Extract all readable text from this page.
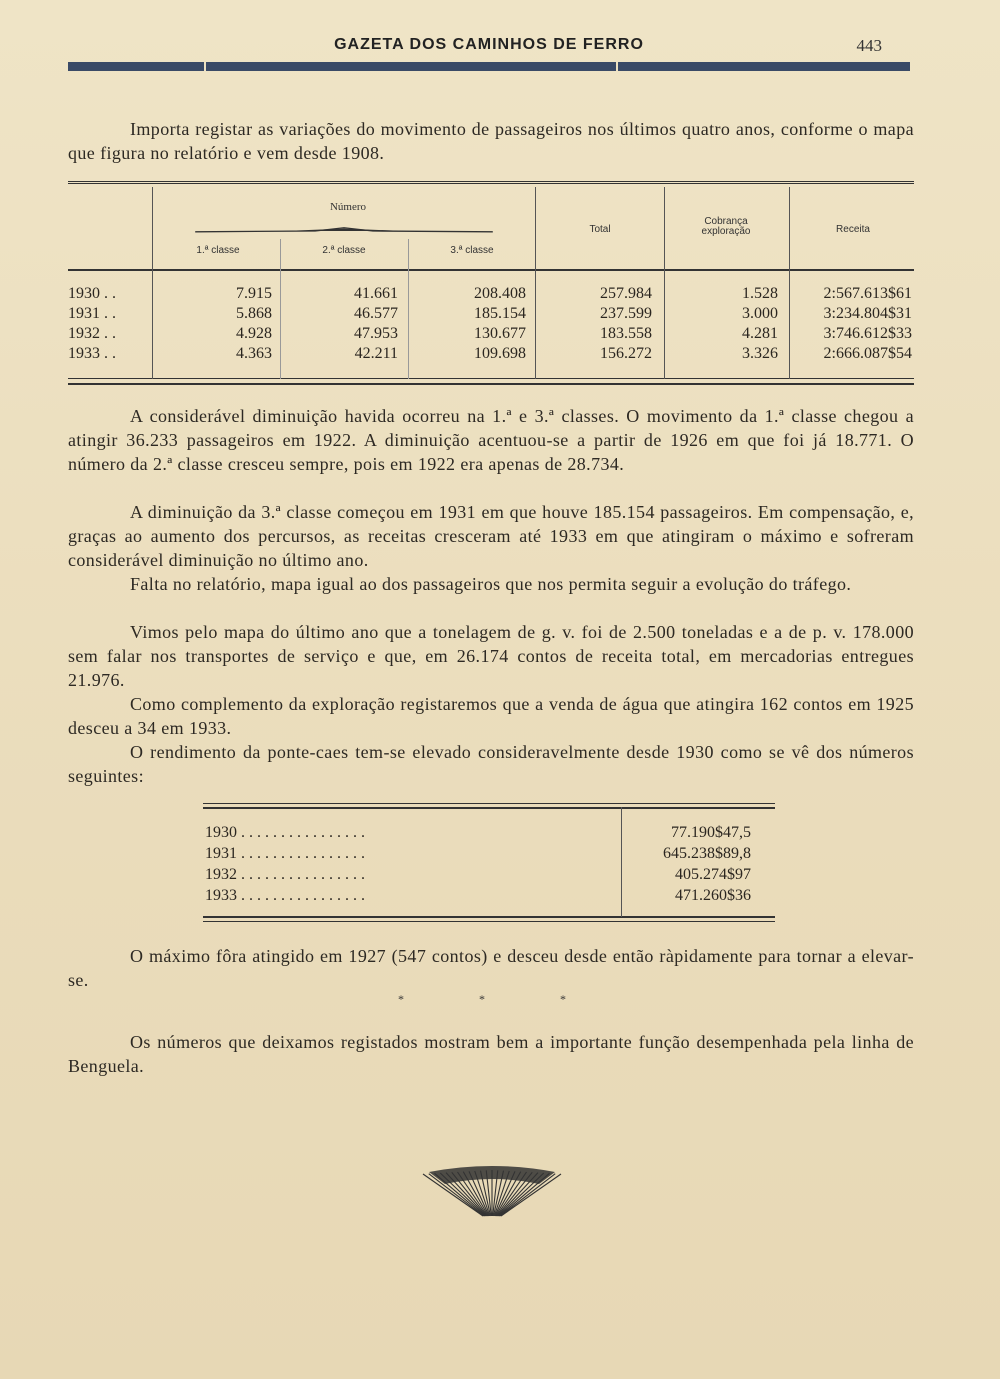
GAZETA DOS CAMINHOS DE FERRO	443

Importa registar as variações do movimento de passageiros nos últimos quatro anos, conforme o mapa que figura no relatório e vem desde 1908.

Número
1.ª classe	2.ª classe	3.ª classe
Total
Cobrança exploração	Receita
1930 . .	7.915	41.661	208.408	257.984	1.528	2:567.613$61
1931 . .	5.868	46.577	185.154	237.599	3.000	3:234.804$31
1932 . .	4.928	47.953	130.677	183.558	4.281	3:746.612$33
1933 . .	4.363	42.211	109.698	156.272	3.326	2:666.087$54

A considerável diminuição havida ocorreu na 1.ª e 3.ª classes. O movimento da 1.ª classe chegou a atingir 36.233 passageiros em 1922. A diminuição acentuou-se a partir de 1926 em que foi já 18.771. O número da 2.ª classe cresceu sempre, pois em 1922 era apenas de 28.734.

A diminuição da 3.ª classe começou em 1931 em que houve 185.154 passageiros. Em compensação, e, graças ao aumento dos percursos, as receitas cresceram até 1933 em que atingiram o máximo e sofreram considerável diminuição no último ano.

Falta no relatório, mapa igual ao dos passageiros que nos permita seguir a evolução do tráfego.

Vimos pelo mapa do último ano que a tonelagem de g. v. foi de 2.500 toneladas e a de p. v. 178.000 sem falar nos transportes de serviço e que, em 26.174 contos de receita total, em mercadorias entregues 21.976.

Como complemento da exploração registaremos que a venda de água que atingira 162 contos em 1925 desceu a 34 em 1933.

O rendimento da ponte-caes tem-se elevado consideravelmente desde 1930 como se vê dos números seguintes:

1930 . . . . . . . . . . . . . . . .	77.190$47,5
1931 . . . . . . . . . . . . . . . .	645.238$89,8
1932 . . . . . . . . . . . . . . . .	405.274$97
1933 . . . . . . . . . . . . . . . .	471.260$36

O máximo fôra atingido em 1927 (547 contos) e desceu desde então ràpidamente para tornar a elevar-se.

* * *

Os números que deixamos registados mostram bem a importante função desempenhada pela linha de Benguela.
